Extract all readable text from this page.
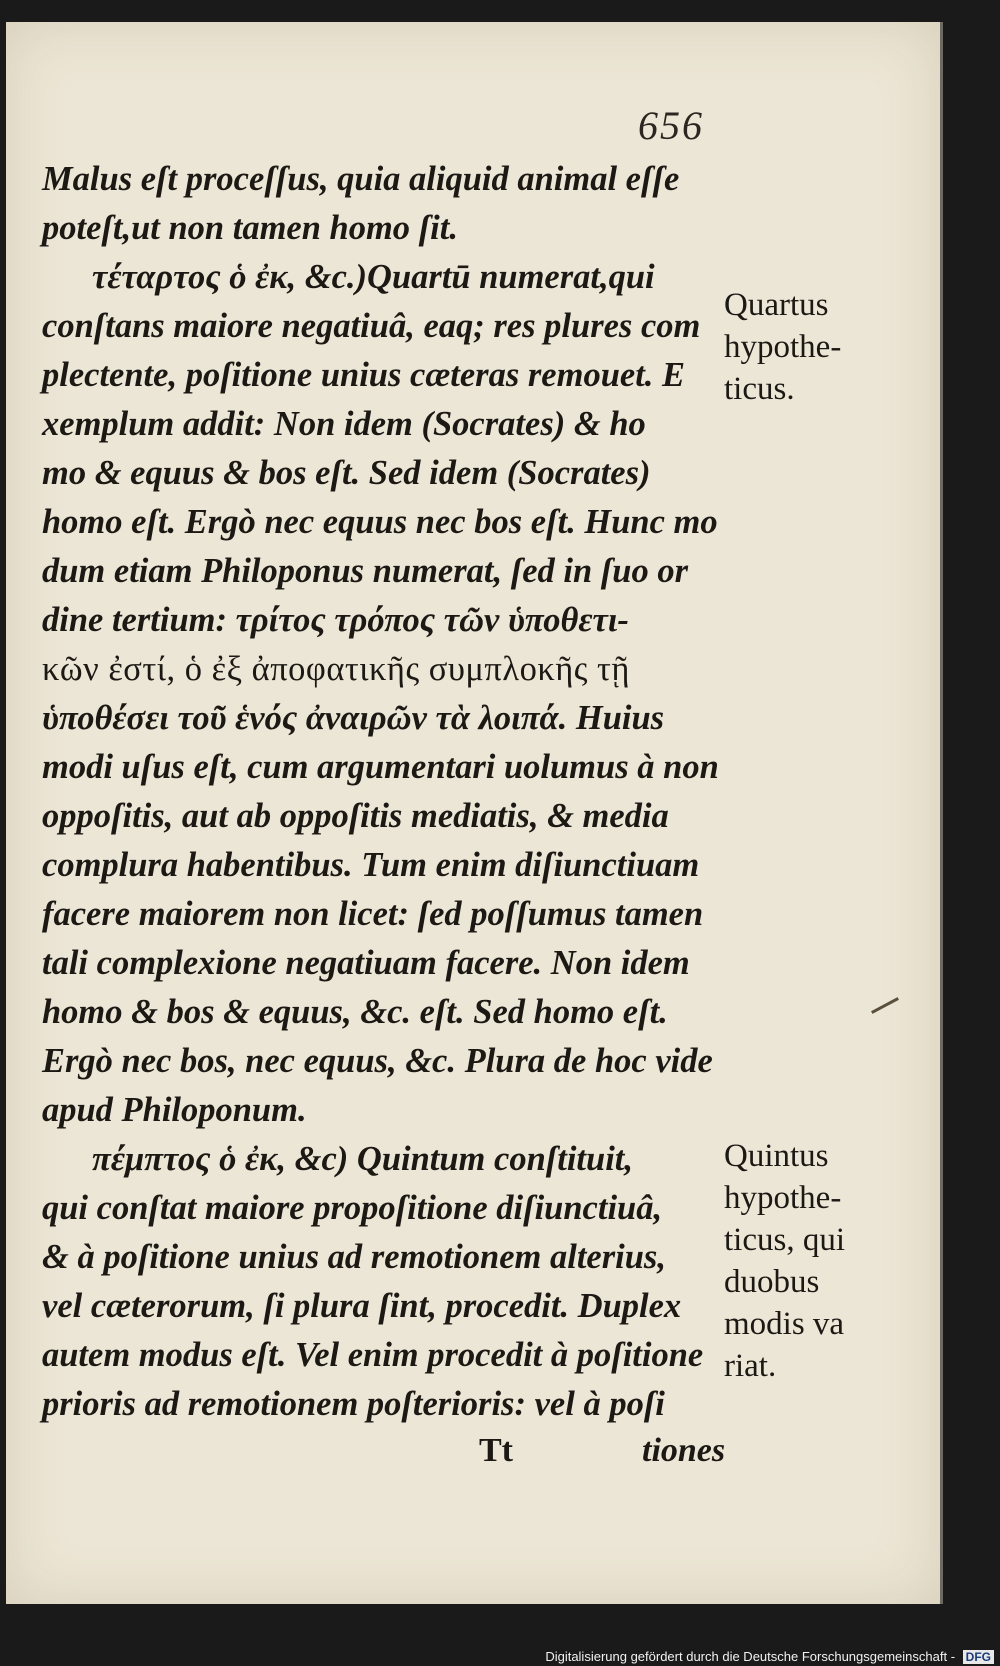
656
Malus eſt proceſſus, quia aliquid animal eſſe
poteſt,ut non tamen homo ſit.
τέταρτος ὁ ἐκ, &c.)Quartū numerat,qui
conſtans maiore negatiuâ, eaq; res plures com
plectente, poſitione unius cæteras remouet. E
xemplum addit: Non idem (Socrates) & ho
mo & equus & bos eſt. Sed idem (Socrates)
homo eſt. Ergò nec equus nec bos eſt. Hunc mo
dum etiam Philoponus numerat, ſed in ſuo or
dine tertium: τρίτος τρόπος τῶν ὑποθετι-
κῶν ἐστί, ὁ ἐξ ἀποφατικῆς συμπλοκῆς τῇ
ὑποθέσει τοῦ ἑνός ἀναιρῶν τὰ λοιπά. Huius
modi uſus eſt, cum argumentari uolumus à non
oppoſitis, aut ab oppoſitis mediatis, & media
complura habentibus. Tum enim diſiunctiuam
facere maiorem non licet: ſed poſſumus tamen
tali complexione negatiuam facere. Non idem
homo & bos & equus, &c. eſt. Sed homo eſt.
Ergò nec bos, nec equus, &c. Plura de hoc vide
apud Philoponum.
πέμπτος ὁ ἐκ, &c) Quintum conſtituit,
qui conſtat maiore propoſitione diſiunctiuâ,
& à poſitione unius ad remotionem alterius,
vel cæterorum, ſi plura ſint, procedit. Duplex
autem modus eſt. Vel enim procedit à poſitione
prioris ad remotionem poſterioris: vel à poſi
Quartus
hypothe-
ticus.
Quintus
hypothe-
ticus, qui
duobus
modis va
riat.
Tt	tiones
Digitalisierung gefördert durch die Deutsche Forschungsgemeinschaft - DFG
